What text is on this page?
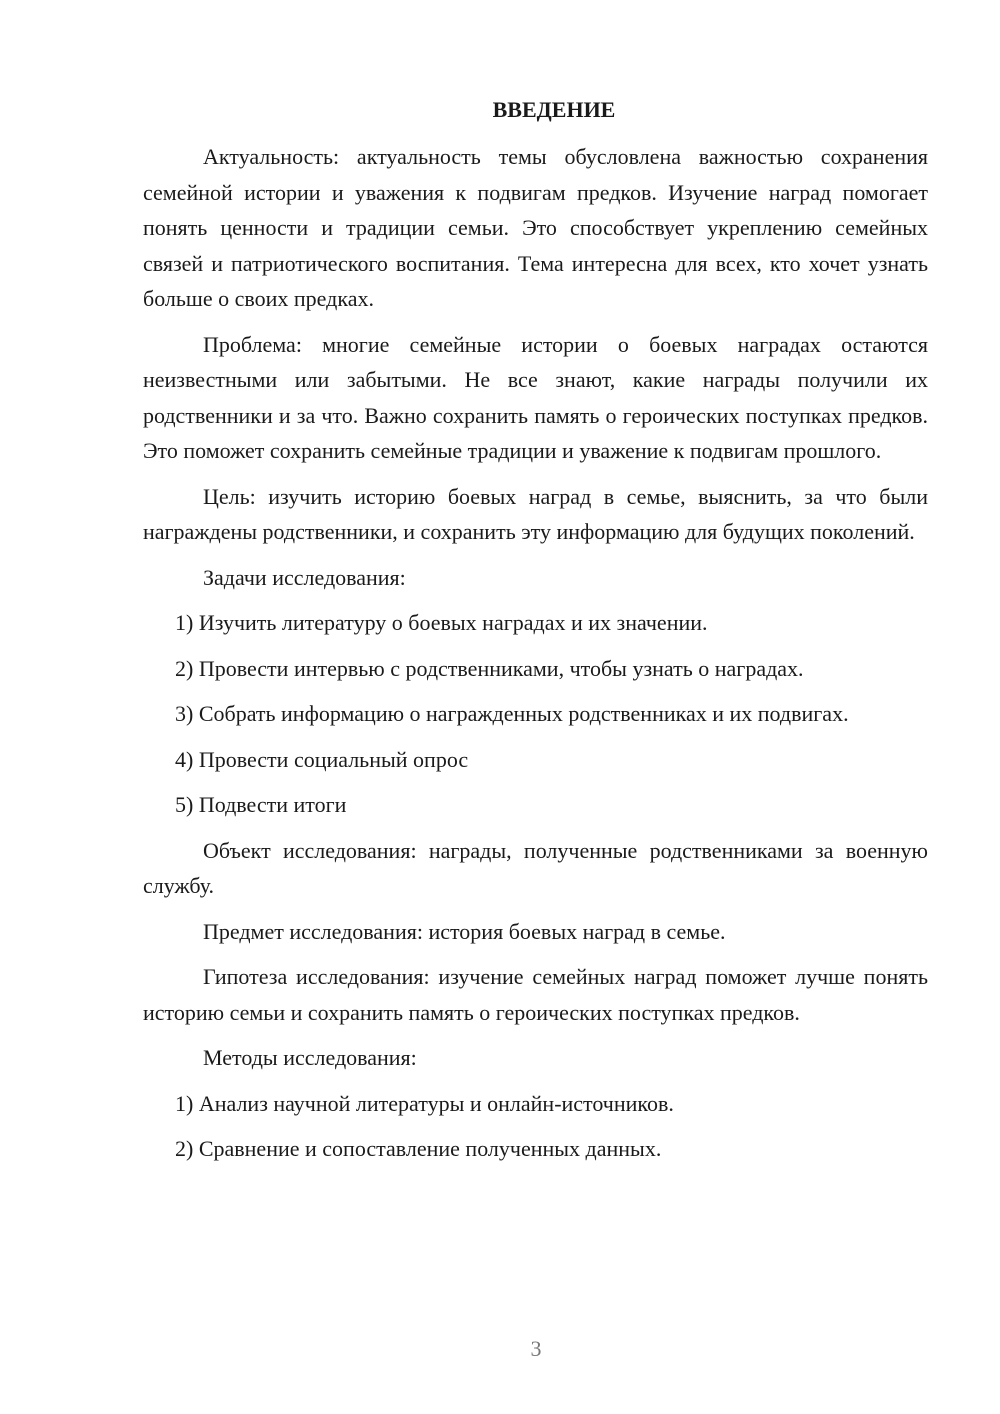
ВВЕДЕНИЕ

Актуальность: актуальность темы обусловлена важностью сохранения семейной истории и уважения к подвигам предков. Изучение наград помогает понять ценности и традиции семьи. Это способствует укреплению семейных связей и патриотического воспитания. Тема интересна для всех, кто хочет узнать больше о своих предках.

Проблема: многие семейные истории о боевых наградах остаются неизвестными или забытыми. Не все знают, какие награды получили их родственники и за что. Важно сохранить память о героических поступках предков. Это поможет сохранить семейные традиции и уважение к подвигам прошлого.

Цель: изучить историю боевых наград в семье, выяснить, за что были награждены родственники, и сохранить эту информацию для будущих поколений.

Задачи исследования:

1) Изучить литературу о боевых наградах и их значении.

2) Провести интервью с родственниками, чтобы узнать о наградах.

3) Собрать информацию о награжденных родственниках и их подвигах.

4) Провести социальный опрос

5) Подвести итоги

Объект исследования: награды, полученные родственниками за военную службу.

Предмет исследования: история боевых наград в семье.

Гипотеза исследования: изучение семейных наград поможет лучше понять историю семьи и сохранить память о героических поступках предков.

Методы исследования:

1) Анализ научной литературы и онлайн-источников.

2) Сравнение и сопоставление полученных данных.

3
